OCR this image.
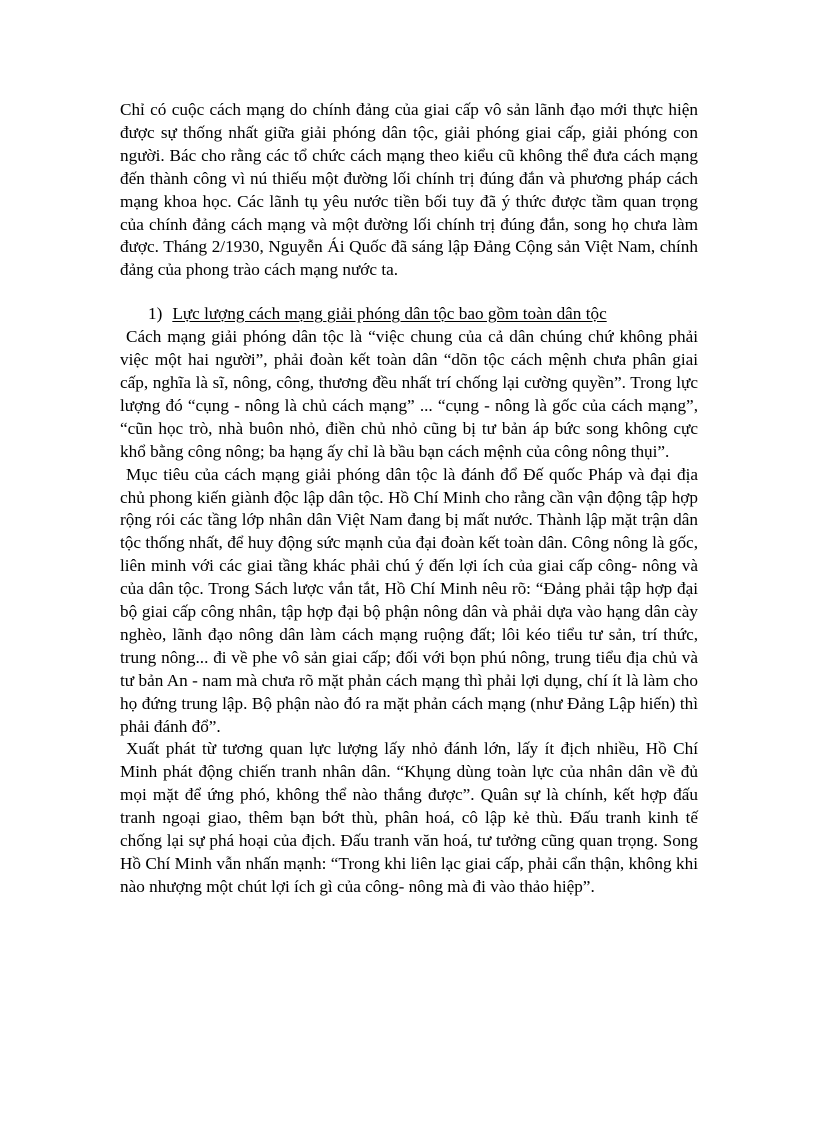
Chỉ có cuộc cách mạng do chính đảng của giai cấp vô sản lãnh đạo mới thực hiện được sự thống nhất giữa giải phóng dân tộc, giải phóng giai cấp, giải phóng con người. Bác cho rằng các tổ chức cách mạng theo kiểu cũ không thể đưa cách mạng đến thành công vì nú thiếu một đường lối chính trị đúng đắn và phương pháp cách mạng khoa học. Các lãnh tụ yêu nước tiền bối tuy đã ý thức được tầm quan trọng của chính đảng cách mạng và một đường lối chính trị đúng đắn, song họ chưa làm được. Tháng 2/1930, Nguyễn Ái Quốc đã sáng lập Đảng Cộng sản Việt Nam, chính đảng của phong trào cách mạng nước ta.

1) Lực lượng cách mạng giải phóng dân tộc bao gồm toàn dân tộc

Cách mạng giải phóng dân tộc là “việc chung của cả dân chúng chứ không phải việc một hai người”, phải đoàn kết toàn dân “dõn tộc cách mệnh chưa phân giai cấp, nghĩa là sĩ, nông, công, thương đều nhất trí chống lại cường quyền”. Trong lực lượng đó “cụng - nông là chủ cách mạng” ... “cụng - nông là gốc của cách mạng”, “cũn học trò, nhà buôn nhỏ, điền chủ nhỏ cũng bị tư bản áp bức song không cực khổ bằng công nông; ba hạng ấy chỉ là bầu bạn cách mệnh của công nông thụi”.

Mục tiêu của cách mạng giải phóng dân tộc là đánh đổ Đế quốc Pháp và đại địa chủ phong kiến giành độc lập dân tộc. Hồ Chí Minh cho rằng cần vận động tập hợp rộng rói các tầng lớp nhân dân Việt Nam đang bị mất nước. Thành lập mặt trận dân tộc thống nhất, để huy động sức mạnh của đại đoàn kết toàn dân. Công nông là gốc, liên minh với các giai tầng khác phải chú ý đến lợi ích của giai cấp công- nông và của dân tộc. Trong Sách lược vắn tắt, Hồ Chí Minh nêu rõ: “Đảng phải tập hợp đại bộ giai cấp công nhân, tập hợp đại bộ phận nông dân và phải dựa vào hạng dân cày nghèo, lãnh đạo nông dân làm cách mạng ruộng đất; lôi kéo tiểu tư sản, trí thức, trung nông... đi về phe vô sản giai cấp; đối với bọn phú nông, trung tiểu địa chủ và tư bản An - nam mà chưa rõ mặt phản cách mạng thì phải lợi dụng, chí ít là làm cho họ đứng trung lập. Bộ phận nào đó ra mặt phản cách mạng (như Đảng Lập hiến) thì phải đánh đổ”.

Xuất phát từ tương quan lực lượng lấy nhỏ đánh lớn, lấy ít địch nhiều, Hồ Chí Minh phát động chiến tranh nhân dân. “Khụng dùng toàn lực của nhân dân về đủ mọi mặt để ứng phó, không thể nào thắng được”. Quân sự là chính, kết hợp đấu tranh ngoại giao, thêm bạn bớt thù, phân hoá, cô lập kẻ thù. Đấu tranh kinh tế chống lại sự phá hoại của địch. Đấu tranh văn hoá, tư tưởng cũng quan trọng. Song Hồ Chí Minh vẫn nhấn mạnh: “Trong khi liên lạc giai cấp, phải cẩn thận, không khi nào nhượng một chút lợi ích gì của công- nông mà đi vào thảo hiệp”.
